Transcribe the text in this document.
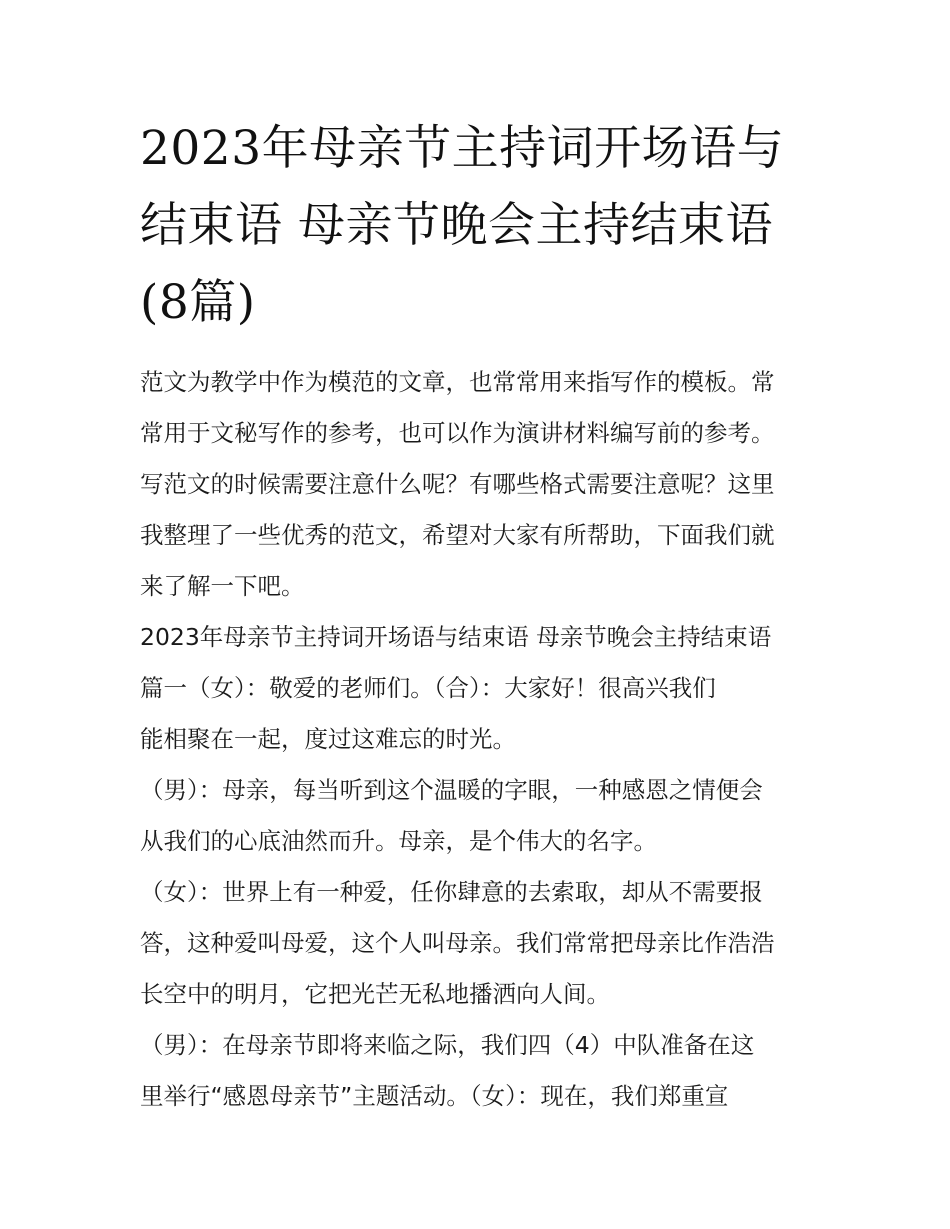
2023年母亲节主持词开场语与
结束语 母亲节晚会主持结束语
(8篇)

范文为教学中作为模范的文章，也常常用来指写作的模板。常
常用于文秘写作的参考，也可以作为演讲材料编写前的参考。
写范文的时候需要注意什么呢？有哪些格式需要注意呢？这里
我整理了一些优秀的范文，希望对大家有所帮助，下面我们就
来了解一下吧。

2023年母亲节主持词开场语与结束语 母亲节晚会主持结束语
篇一（女）：敬爱的老师们。（合）：大家好！很高兴我们
能相聚在一起，度过这难忘的时光。

（男）：母亲，每当听到这个温暖的字眼，一种感恩之情便会
从我们的心底油然而升。母亲，是个伟大的名字。

（女）：世界上有一种爱，任你肆意的去索取，却从不需要报
答，这种爱叫母爱，这个人叫母亲。我们常常把母亲比作浩浩
长空中的明月，它把光芒无私地播洒向人间。

（男）：在母亲节即将来临之际，我们四（4）中队准备在这
里举行“感恩母亲节”主题活动。（女）：现在，我们郑重宣
